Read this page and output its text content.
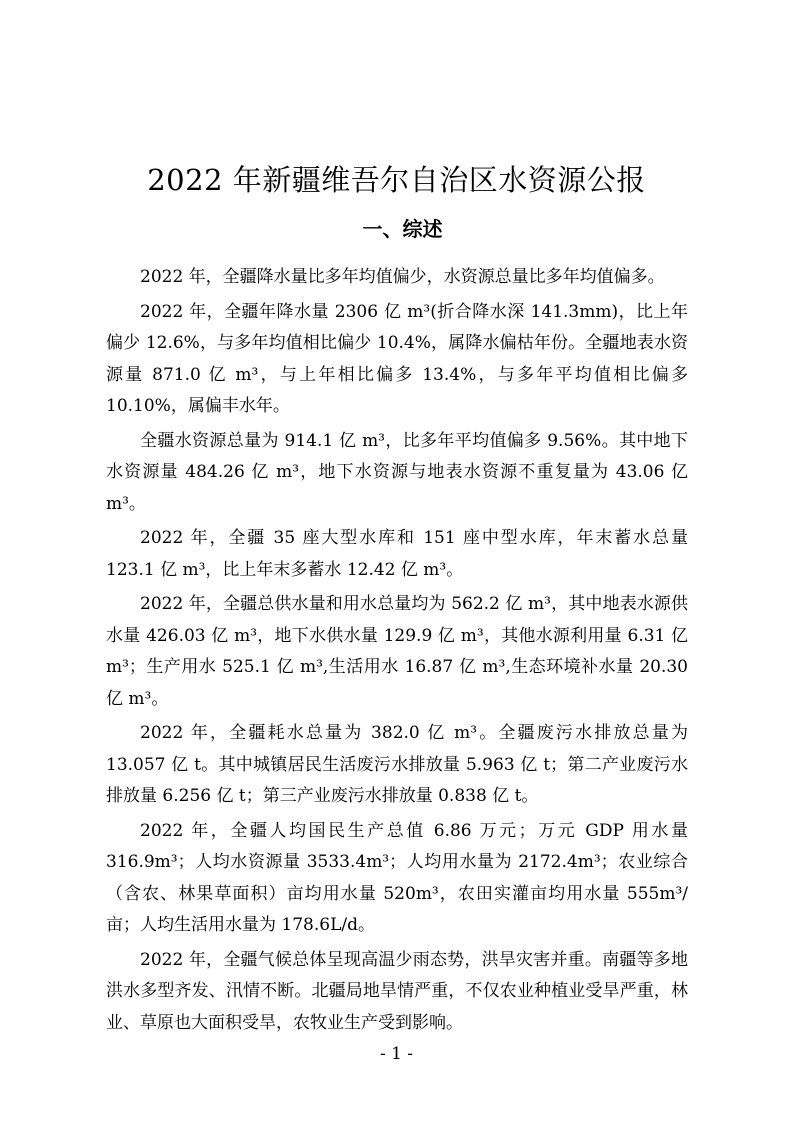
2022 年新疆维吾尔自治区水资源公报
一、综述

2022 年，全疆降水量比多年均值偏少，水资源总量比多年均值偏多。

2022 年，全疆年降水量 2306 亿 m³(折合降水深 141.3mm)，比上年偏少 12.6%，与多年均值相比偏少 10.4%，属降水偏枯年份。全疆地表水资源量 871.0 亿 m³，与上年相比偏多 13.4%，与多年平均值相比偏多 10.10%，属偏丰水年。

全疆水资源总量为 914.1 亿 m³，比多年平均值偏多 9.56%。其中地下水资源量 484.26 亿 m³，地下水资源与地表水资源不重复量为 43.06 亿 m³。

2022 年，全疆 35 座大型水库和 151 座中型水库，年末蓄水总量 123.1 亿 m³，比上年末多蓄水 12.42 亿 m³。

2022 年，全疆总供水量和用水总量均为 562.2 亿 m³，其中地表水源供水量 426.03 亿 m³，地下水供水量 129.9 亿 m³，其他水源利用量 6.31 亿 m³；生产用水 525.1 亿 m³,生活用水 16.87 亿 m³,生态环境补水量 20.30 亿 m³。

2022 年，全疆耗水总量为 382.0 亿 m³。全疆废污水排放总量为 13.057 亿 t。其中城镇居民生活废污水排放量 5.963 亿 t；第二产业废污水排放量 6.256 亿 t；第三产业废污水排放量 0.838 亿 t。

2022 年，全疆人均国民生产总值 6.86 万元；万元 GDP 用水量 316.9m³；人均水资源量 3533.4m³；人均用水量为 2172.4m³；农业综合（含农、林果草面积）亩均用水量 520m³，农田实灌亩均用水量 555m³/亩；人均生活用水量为 178.6L/d。

2022 年，全疆气候总体呈现高温少雨态势，洪旱灾害并重。南疆等多地洪水多型齐发、汛情不断。北疆局地旱情严重，不仅农业种植业受旱严重，林业、草原也大面积受旱，农牧业生产受到影响。

- 1 -
